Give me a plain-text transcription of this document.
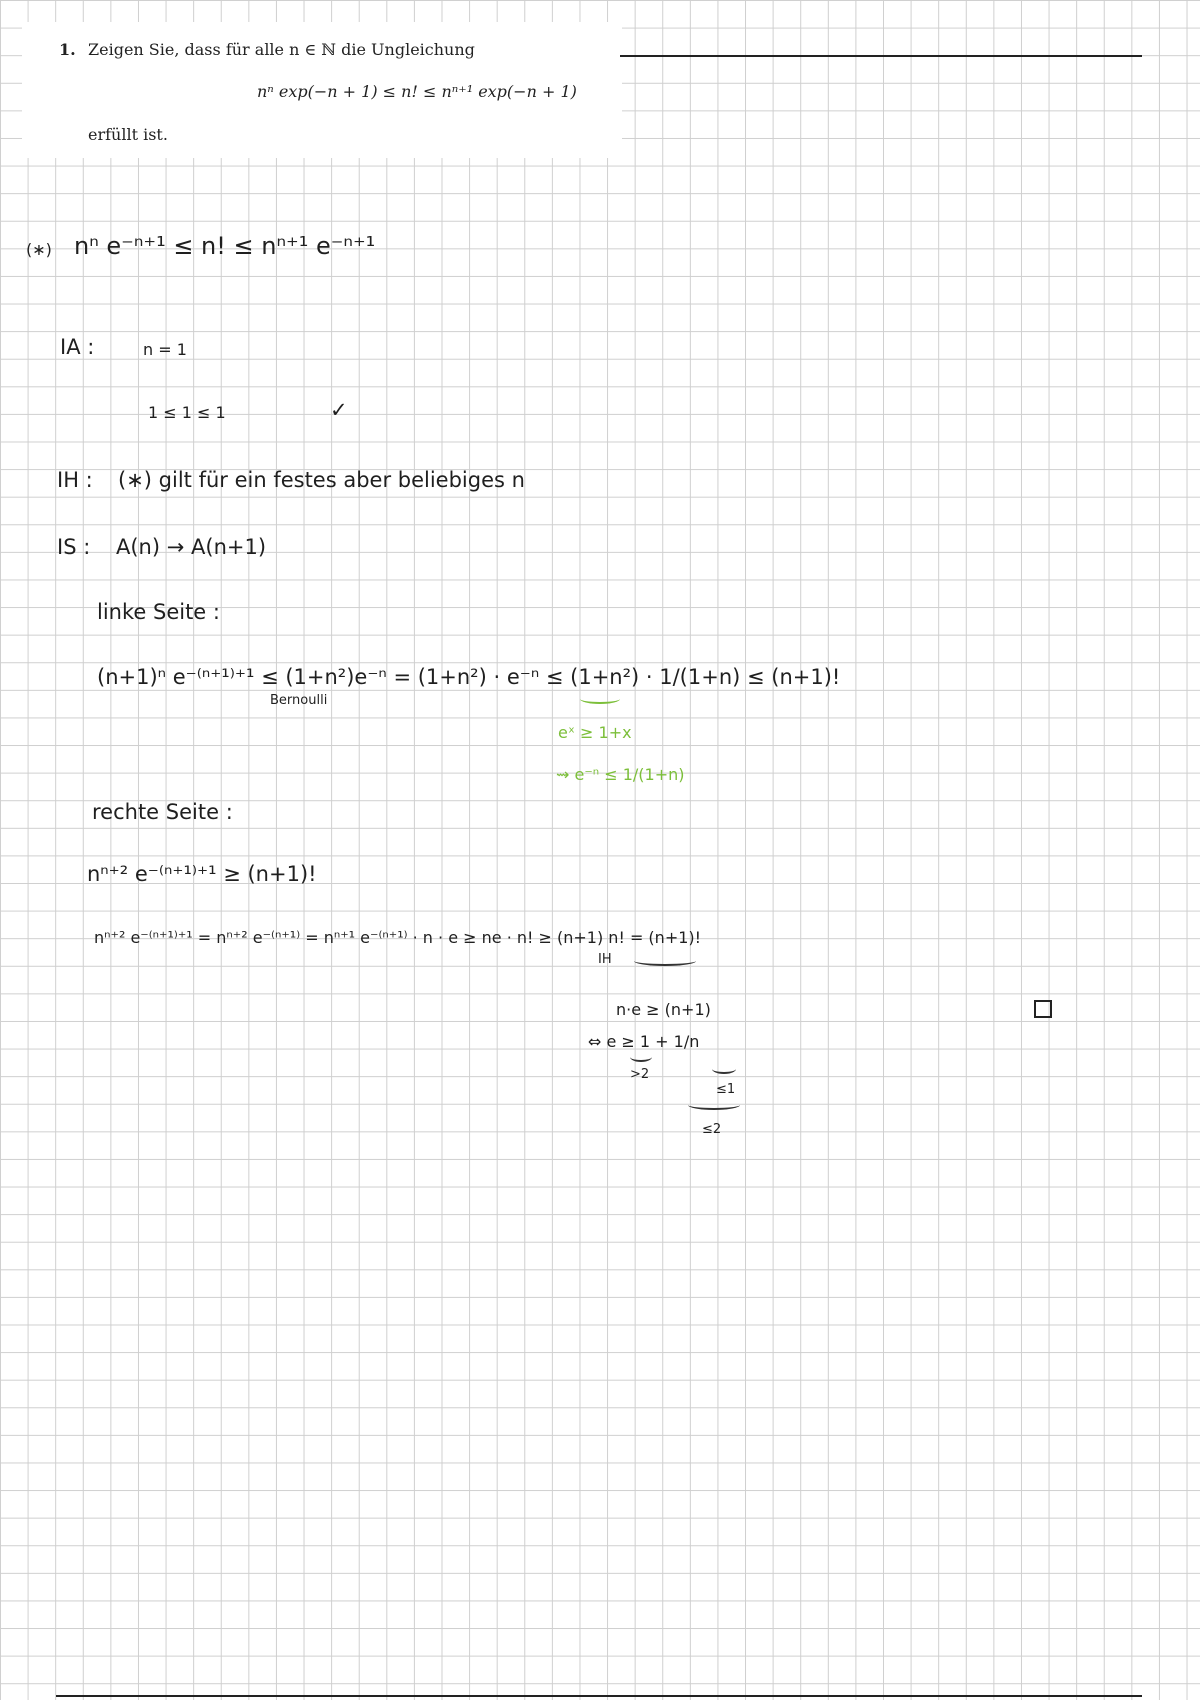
1. Zeigen Sie, dass für alle n ∈ ℕ die Ungleichung
nⁿ exp(−n + 1) ≤ n! ≤ nⁿ⁺¹ exp(−n + 1)
erfüllt ist.
(∗) nⁿ e⁻ⁿ⁺¹ ≤ n! ≤ nⁿ⁺¹ e⁻ⁿ⁺¹
IA :	n = 1
1 ≤ 1 ≤ 1	✓
IH : (∗) gilt für ein festes aber beliebiges n
IS : A(n) → A(n+1)
linke Seite :
(n+1)ⁿ e⁻⁽ⁿ⁺¹⁾⁺¹ ≤ (1+n²)e⁻ⁿ = (1+n²) · e⁻ⁿ ≤ (1+n²) · 1/(1+n) ≤ (n+1)!
Bernoulli
eˣ ≥ 1+x
⇝ e⁻ⁿ ≤ 1/(1+n)
rechte Seite :
nⁿ⁺² e⁻⁽ⁿ⁺¹⁾⁺¹ ≥ (n+1)!
nⁿ⁺² e⁻⁽ⁿ⁺¹⁾⁺¹ = nⁿ⁺² e⁻⁽ⁿ⁺¹⁾ = nⁿ⁺¹ e⁻⁽ⁿ⁺¹⁾ · n · e ≥ ne · n! ≥ (n+1) n! = (n+1)!
IH
n·e ≥ (n+1)
⇔ e ≥ 1 + 1/n
>2
≤1
≤2
